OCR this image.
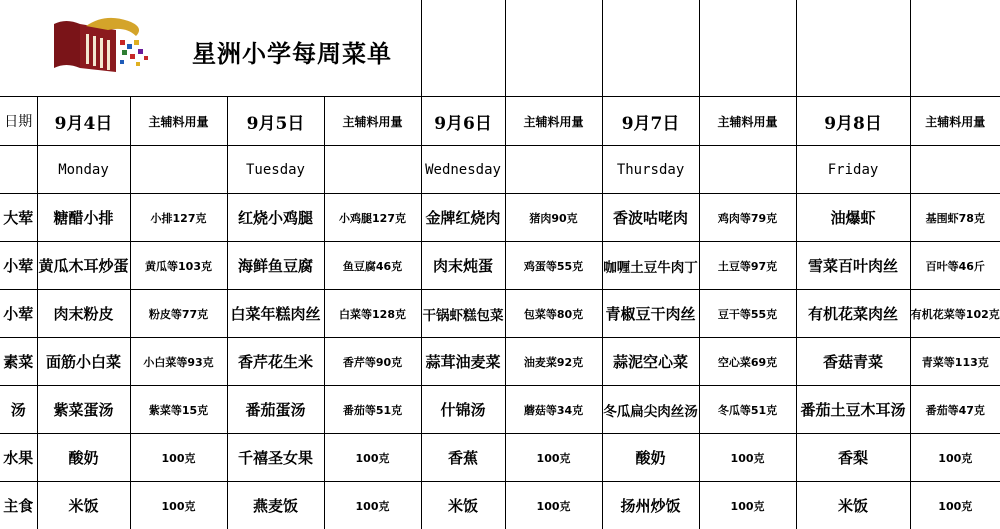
星洲小学每周菜单										

日期	9月4日	主辅料用量	9月5日	主辅料用量	9月6日	主辅料用量	9月7日	主辅料用量	9月8日	主辅料用量
	Monday		Tuesday		Wednesday		Thursday		Friday	
大荤	糖醋小排	小排127克	红烧小鸡腿	小鸡腿127克	金牌红烧肉	猪肉90克	香波咕咾肉	鸡肉等79克	油爆虾	基围虾78克
小荤	黄瓜木耳炒蛋	黄瓜等103克	海鲜鱼豆腐	鱼豆腐46克	肉末炖蛋	鸡蛋等55克	咖喱土豆牛肉丁	土豆等97克	雪菜百叶肉丝	百叶等46斤
小荤	肉末粉皮	粉皮等77克	白菜年糕肉丝	白菜等128克	干锅虾糕包菜	包菜等80克	青椒豆干肉丝	豆干等55克	有机花菜肉丝	有机花菜等102克
素菜	面筋小白菜	小白菜等93克	香芹花生米	香芹等90克	蒜茸油麦菜	油麦菜92克	蒜泥空心菜	空心菜69克	香菇青菜	青菜等113克
汤	紫菜蛋汤	紫菜等15克	番茄蛋汤	番茄等51克	什锦汤	蘑菇等34克	冬瓜扁尖肉丝汤	冬瓜等51克	番茄土豆木耳汤	番茄等47克
水果	酸奶	100克	千禧圣女果	100克	香蕉	100克	酸奶	100克	香梨	100克
主食	米饭	100克	燕麦饭	100克	米饭	100克	扬州炒饭	100克	米饭	100克
